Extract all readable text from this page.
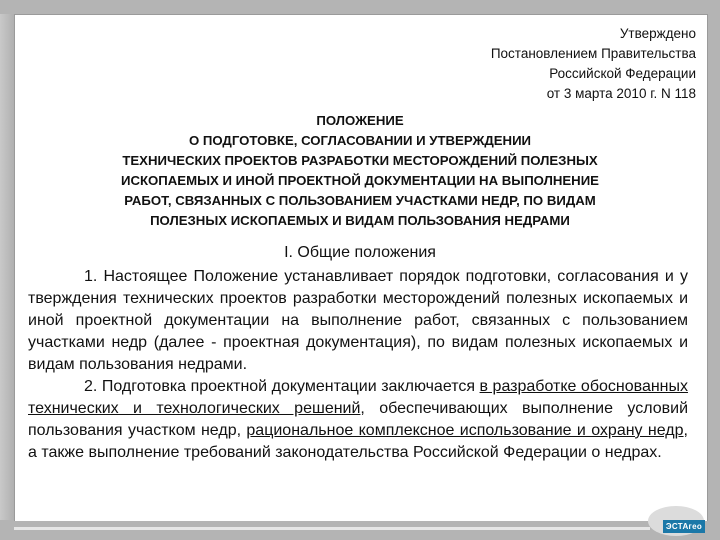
Утверждено
Постановлением Правительства
Российской Федерации
от 3 марта 2010 г. N 118
ПОЛОЖЕНИЕ
О ПОДГОТОВКЕ, СОГЛАСОВАНИИ И УТВЕРЖДЕНИИ
ТЕХНИЧЕСКИХ ПРОЕКТОВ РАЗРАБОТКИ МЕСТОРОЖДЕНИЙ ПОЛЕЗНЫХ
ИСКОПАЕМЫХ И ИНОЙ ПРОЕКТНОЙ ДОКУМЕНТАЦИИ НА ВЫПОЛНЕНИЕ
РАБОТ, СВЯЗАННЫХ С ПОЛЬЗОВАНИЕМ УЧАСТКАМИ НЕДР, ПО ВИДАМ
ПОЛЕЗНЫХ ИСКОПАЕМЫХ И ВИДАМ ПОЛЬЗОВАНИЯ НЕДРАМИ
I. Общие положения

1. Настоящее Положение устанавливает порядок подготовки, согласования и у тверждения технических проектов разработки месторождений полезных ископаемых и иной проектной документации на выполнение работ, связанных с пользованием участками недр (далее - проектная документация), по видам полезных ископаемых и видам пользования недрами.

2. Подготовка проектной документации заключается в разработке обоснованных технических и технологических решений, обеспечивающих выполнение условий пользования участком недр, рациональное комплексное использование и охрану недр, а также выполнение требований законодательства Российской Федерации о недрах.

ЭСТАгео
